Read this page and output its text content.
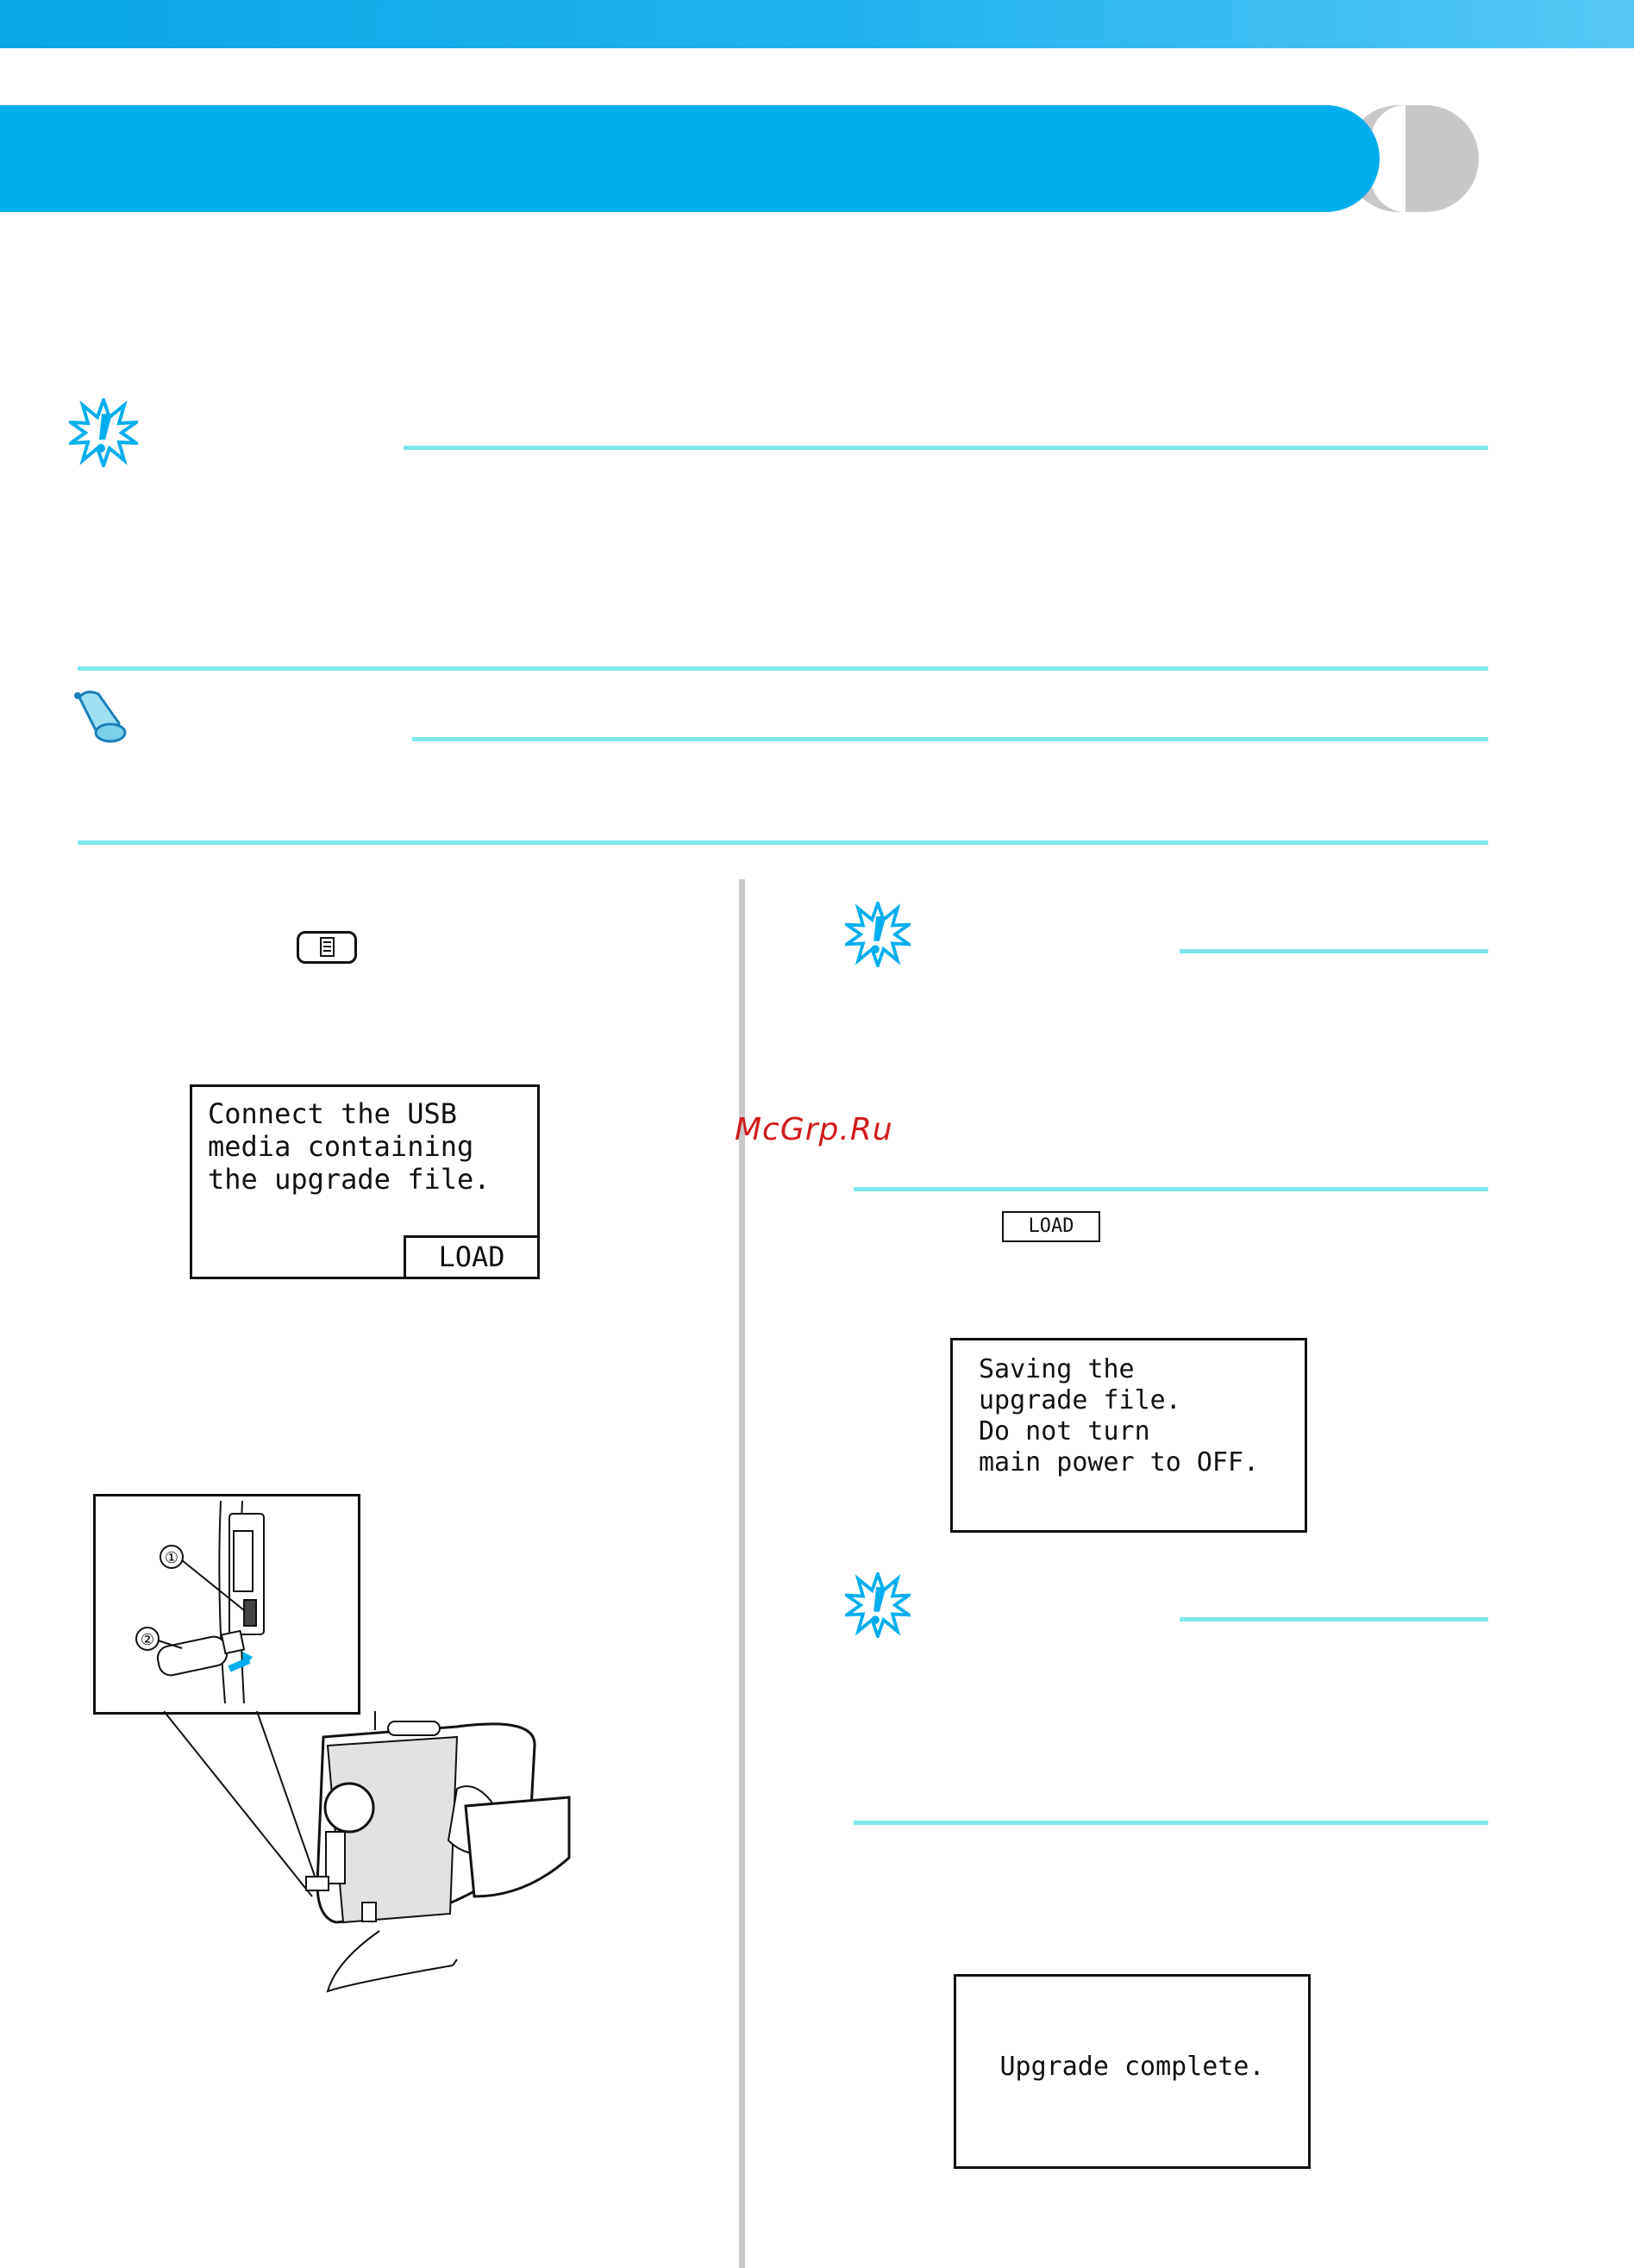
Connect the USB
media containing
the upgrade file.
LOAD
①
②
McGrp.Ru
LOAD
Saving the
upgrade file.
Do not turn
main power to OFF.
Upgrade complete.
